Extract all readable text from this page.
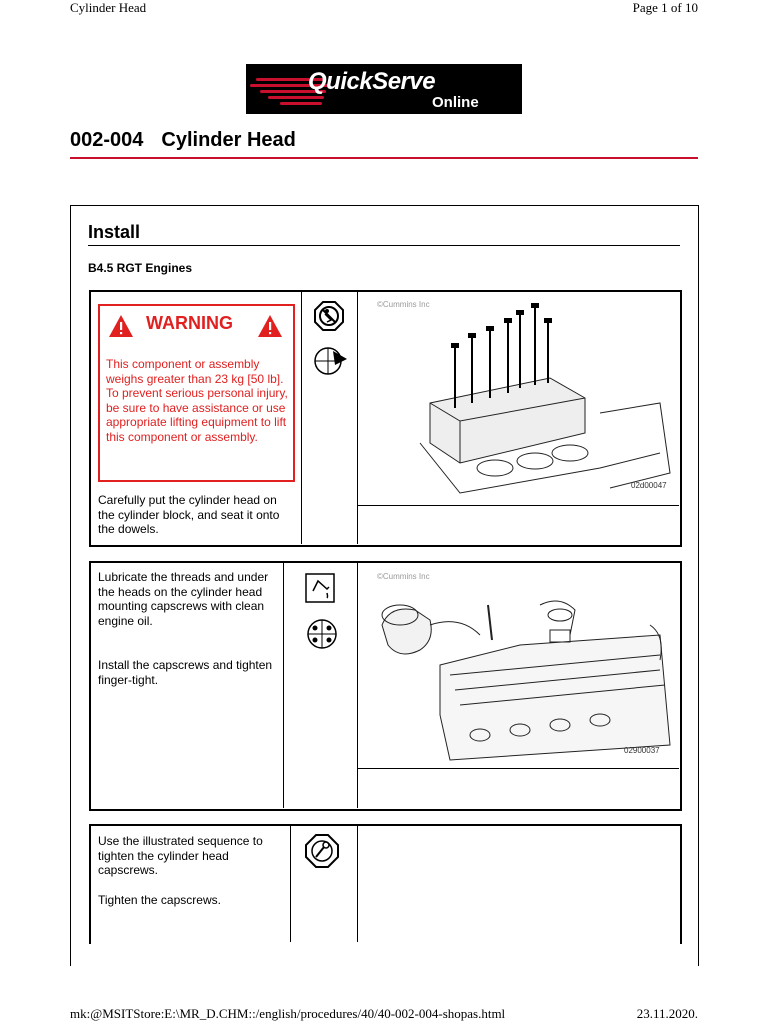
Cylinder Head	Page 1 of 10
QuickServe
Online
002-004 Cylinder Head
Install
B4.5 RGT Engines
WARNING
This component or assembly weighs greater than 23 kg [50 lb]. To prevent serious personal injury, be sure to have assistance or use appropriate lifting equipment to lift this component or assembly.
Carefully put the cylinder head on the cylinder block, and seat it onto the dowels.
©Cummins Inc
02d00047
Lubricate the threads and under the heads on the cylinder head mounting capscrews with clean engine oil.
Install the capscrews and tighten finger-tight.
©Cummins Inc
02900037
Use the illustrated sequence to tighten the cylinder head capscrews.
Tighten the capscrews.
mk:@MSITStore:E:\MR_D.CHM::/english/procedures/40/40-002-004-shopas.html	23.11.2020.
